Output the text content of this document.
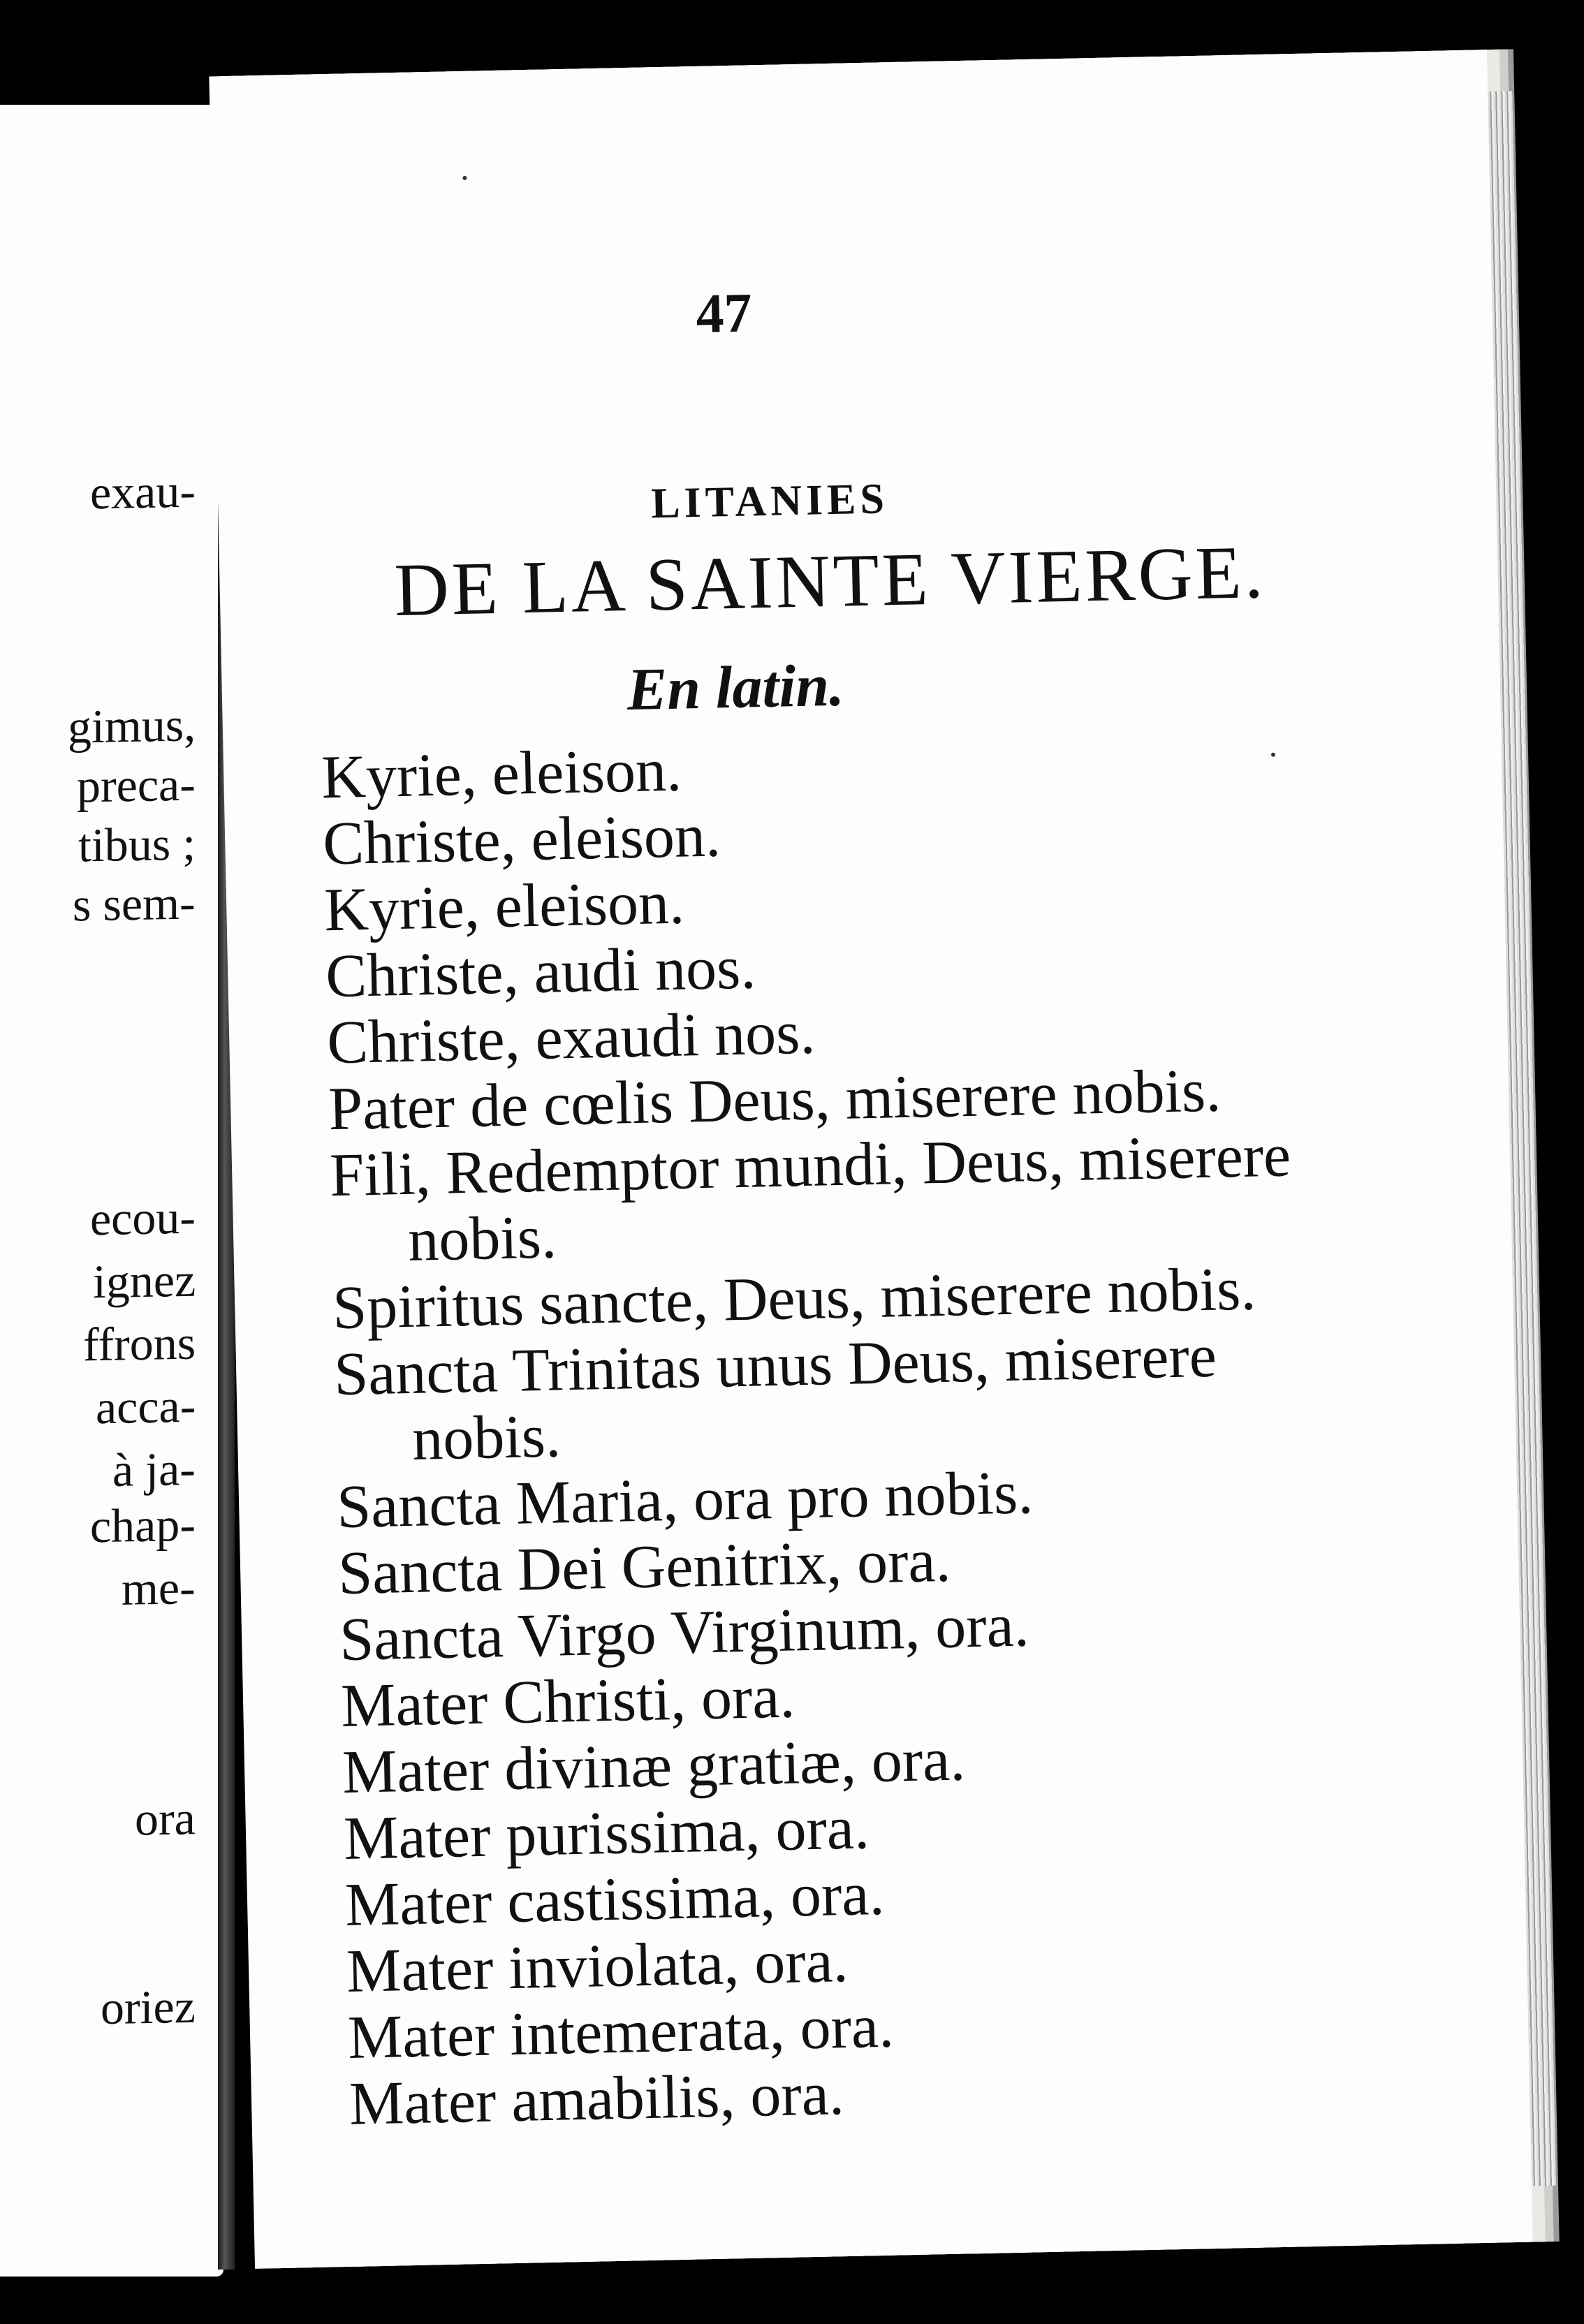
exau-
gimus,
preca-
tibus ;
s sem-
ecou-
ignez
ffrons
acca-
à ja-
chap-
me-
ora
oriez
47
LITANIES
DE LA SAINTE VIERGE.
En latin.
Kyrie, eleison.
Christe, eleison.
Kyrie, eleison.
Christe, audi nos.
Christe, exaudi nos.
Pater de cœlis Deus, miserere nobis.
Fili, Redemptor mundi, Deus, miserere
nobis.
Spiritus sancte, Deus, miserere nobis.
Sancta Trinitas unus Deus, miserere
nobis.
Sancta Maria, ora pro nobis.
Sancta Dei Genitrix, ora.
Sancta Virgo Virginum, ora.
Mater Christi, ora.
Mater divinæ gratiæ, ora.
Mater purissima, ora.
Mater castissima, ora.
Mater inviolata, ora.
Mater intemerata, ora.
Mater amabilis, ora.
